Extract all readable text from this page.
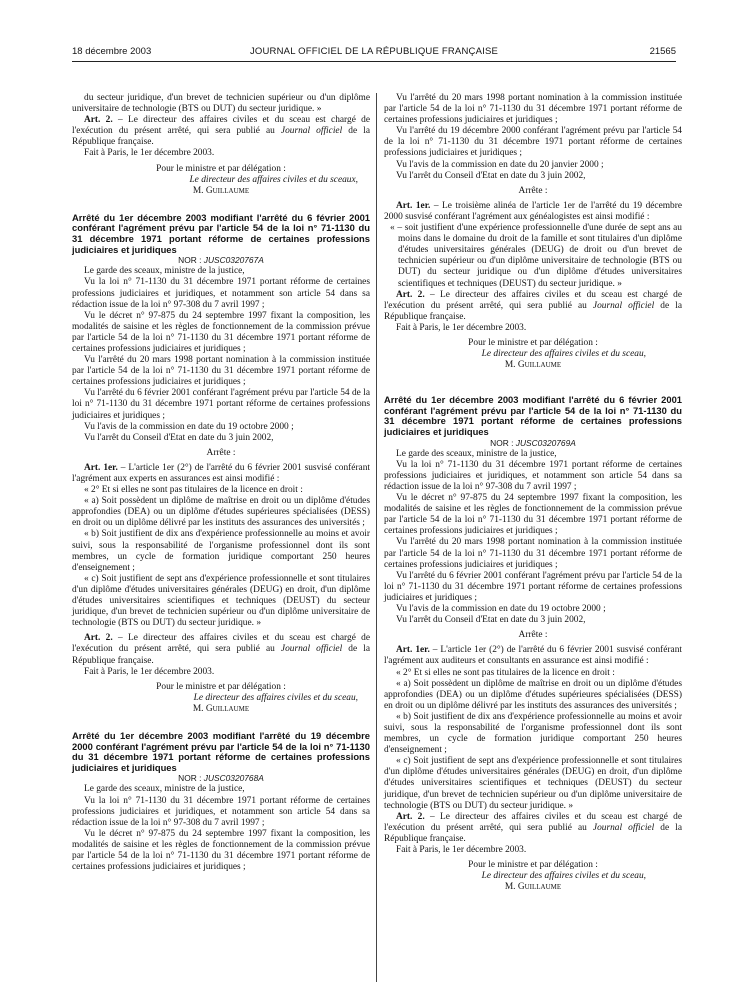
18 décembre 2003	JOURNAL OFFICIEL DE LA RÉPUBLIQUE FRANÇAISE	21565

du secteur juridique, d'un brevet de technicien supérieur ou d'un diplôme universitaire de technologie (BTS ou DUT) du secteur juridique. »

Art. 2. – Le directeur des affaires civiles et du sceau est chargé de l'exécution du présent arrêté, qui sera publié au Journal officiel de la République française.

Fait à Paris, le 1er décembre 2003.

Pour le ministre et par délégation :

Le directeur des affaires civiles et du sceaux,

M. Guillaume

Arrêté du 1er décembre 2003 modifiant l'arrêté du 6 février 2001 conférant l'agrément prévu par l'article 54 de la loi n° 71-1130 du 31 décembre 1971 portant réforme de certaines professions judiciaires et juridiques

NOR : JUSC0320767A

Le garde des sceaux, ministre de la justice,

Vu la loi n° 71-1130 du 31 décembre 1971 portant réforme de certaines professions judiciaires et juridiques, et notamment son article 54 dans sa rédaction issue de la loi n° 97-308 du 7 avril 1997 ;

Vu le décret n° 97-875 du 24 septembre 1997 fixant la composition, les modalités de saisine et les règles de fonctionnement de la commission prévue par l'article 54 de la loi n° 71-1130 du 31 décembre 1971 portant réforme de certaines professions judiciaires et juridiques ;

Vu l'arrêté du 20 mars 1998 portant nomination à la commission instituée par l'article 54 de la loi n° 71-1130 du 31 décembre 1971 portant réforme de certaines professions judiciaires et juridiques ;

Vu l'arrêté du 6 février 2001 conférant l'agrément prévu par l'article 54 de la loi n° 71-1130 du 31 décembre 1971 portant réforme de certaines professions judiciaires et juridiques ;

Vu l'avis de la commission en date du 19 octobre 2000 ;

Vu l'arrêt du Conseil d'Etat en date du 3 juin 2002,

Arrête :

Art. 1er. – L'article 1er (2°) de l'arrêté du 6 février 2001 susvisé conférant l'agrément aux experts en assurances est ainsi modifié :

« 2° Et si elles ne sont pas titulaires de la licence en droit :

« a) Soit possèdent un diplôme de maîtrise en droit ou un diplôme d'études approfondies (DEA) ou un diplôme d'études supérieures spécialisées (DESS) en droit ou un diplôme délivré par les instituts des assurances des universités ;

« b) Soit justifient de dix ans d'expérience professionnelle au moins et avoir suivi, sous la responsabilité de l'organisme professionnel dont ils sont membres, un cycle de formation juridique comportant 250 heures d'enseignement ;

« c) Soit justifient de sept ans d'expérience professionnelle et sont titulaires d'un diplôme d'études universitaires générales (DEUG) en droit, d'un diplôme d'études universitaires scientifiques et techniques (DEUST) du secteur juridique, d'un brevet de technicien supérieur ou d'un diplôme universitaire de technologie (BTS ou DUT) du secteur juridique. »

Art. 2. – Le directeur des affaires civiles et du sceau est chargé de l'exécution du présent arrêté, qui sera publié au Journal officiel de la République française.

Fait à Paris, le 1er décembre 2003.

Pour le ministre et par délégation :

Le directeur des affaires civiles et du sceau,

M. Guillaume

Arrêté du 1er décembre 2003 modifiant l'arrêté du 19 décembre 2000 conférant l'agrément prévu par l'article 54 de la loi n° 71-1130 du 31 décembre 1971 portant réforme de certaines professions judiciaires et juridiques

NOR : JUSC0320768A

Le garde des sceaux, ministre de la justice,

Vu la loi n° 71-1130 du 31 décembre 1971 portant réforme de certaines professions judiciaires et juridiques, et notamment son article 54 dans sa rédaction issue de la loi n° 97-308 du 7 avril 1997 ;

Vu le décret n° 97-875 du 24 septembre 1997 fixant la composition, les modalités de saisine et les règles de fonctionnement de la commission prévue par l'article 54 de la loi n° 71-1130 du 31 décembre 1971 portant réforme de certaines professions judiciaires et juridiques ;

Vu l'arrêté du 20 mars 1998 portant nomination à la commission instituée par l'article 54 de la loi n° 71-1130 du 31 décembre 1971 portant réforme de certaines professions judiciaires et juridiques ;

Vu l'arrêté du 19 décembre 2000 conférant l'agrément prévu par l'article 54 de la loi n° 71-1130 du 31 décembre 1971 portant réforme de certaines professions judiciaires et juridiques ;

Vu l'avis de la commission en date du 20 janvier 2000 ;

Vu l'arrêt du Conseil d'Etat en date du 3 juin 2002,

Arrête :

Art. 1er. – Le troisième alinéa de l'article 1er de l'arrêté du 19 décembre 2000 susvisé conférant l'agrément aux généalogistes est ainsi modifié :

« – soit justifient d'une expérience professionnelle d'une durée de sept ans au moins dans le domaine du droit de la famille et sont titulaires d'un diplôme d'études universitaires générales (DEUG) de droit ou d'un brevet de technicien supérieur ou d'un diplôme universitaire de technologie (BTS ou DUT) du secteur juridique ou d'un diplôme d'études universitaires scientifiques et techniques (DEUST) du secteur juridique. »

Art. 2. – Le directeur des affaires civiles et du sceau est chargé de l'exécution du présent arrêté, qui sera publié au Journal officiel de la République française.

Fait à Paris, le 1er décembre 2003.

Pour le ministre et par délégation :

Le directeur des affaires civiles et du sceau,

M. Guillaume

Arrêté du 1er décembre 2003 modifiant l'arrêté du 6 février 2001 conférant l'agrément prévu par l'article 54 de la loi n° 71-1130 du 31 décembre 1971 portant réforme de certaines professions judiciaires et juridiques

NOR : JUSC0320769A

Le garde des sceaux, ministre de la justice,

Vu la loi n° 71-1130 du 31 décembre 1971 portant réforme de certaines professions judiciaires et juridiques, et notamment son article 54 dans sa rédaction issue de la loi n° 97-308 du 7 avril 1997 ;

Vu le décret n° 97-875 du 24 septembre 1997 fixant la composition, les modalités de saisine et les règles de fonctionnement de la commission prévue par l'article 54 de la loi n° 71-1130 du 31 décembre 1971 portant réforme de certaines professions judiciaires et juridiques ;

Vu l'arrêté du 20 mars 1998 portant nomination à la commission instituée par l'article 54 de la loi n° 71-1130 du 31 décembre 1971 portant réforme de certaines professions judiciaires et juridiques ;

Vu l'arrêté du 6 février 2001 conférant l'agrément prévu par l'article 54 de la loi n° 71-1130 du 31 décembre 1971 portant réforme de certaines professions judiciaires et juridiques ;

Vu l'avis de la commission en date du 19 octobre 2000 ;

Vu l'arrêt du Conseil d'Etat en date du 3 juin 2002,

Arrête :

Art. 1er. – L'article 1er (2°) de l'arrêté du 6 février 2001 susvisé conférant l'agrément aux auditeurs et consultants en assurance est ainsi modifié :

« 2° Et si elles ne sont pas titulaires de la licence en droit :

« a) Soit possèdent un diplôme de maîtrise en droit ou un diplôme d'études approfondies (DEA) ou un diplôme d'études supérieures spécialisées (DESS) en droit ou un diplôme délivré par les instituts des assurances des universités ;

« b) Soit justifient de dix ans d'expérience professionnelle au moins et avoir suivi, sous la responsabilité de l'organisme professionnel dont ils sont membres, un cycle de formation juridique comportant 250 heures d'enseignement ;

« c) Soit justifient de sept ans d'expérience professionnelle et sont titulaires d'un diplôme d'études universitaires générales (DEUG) en droit, d'un diplôme d'études universitaires scientifiques et techniques (DEUST) du secteur juridique, d'un brevet de technicien supérieur ou d'un diplôme universitaire de technologie (BTS ou DUT) du secteur juridique. »

Art. 2. – Le directeur des affaires civiles et du sceau est chargé de l'exécution du présent arrêté, qui sera publié au Journal officiel de la République française.

Fait à Paris, le 1er décembre 2003.

Pour le ministre et par délégation :

Le directeur des affaires civiles et du sceau,

M. Guillaume
